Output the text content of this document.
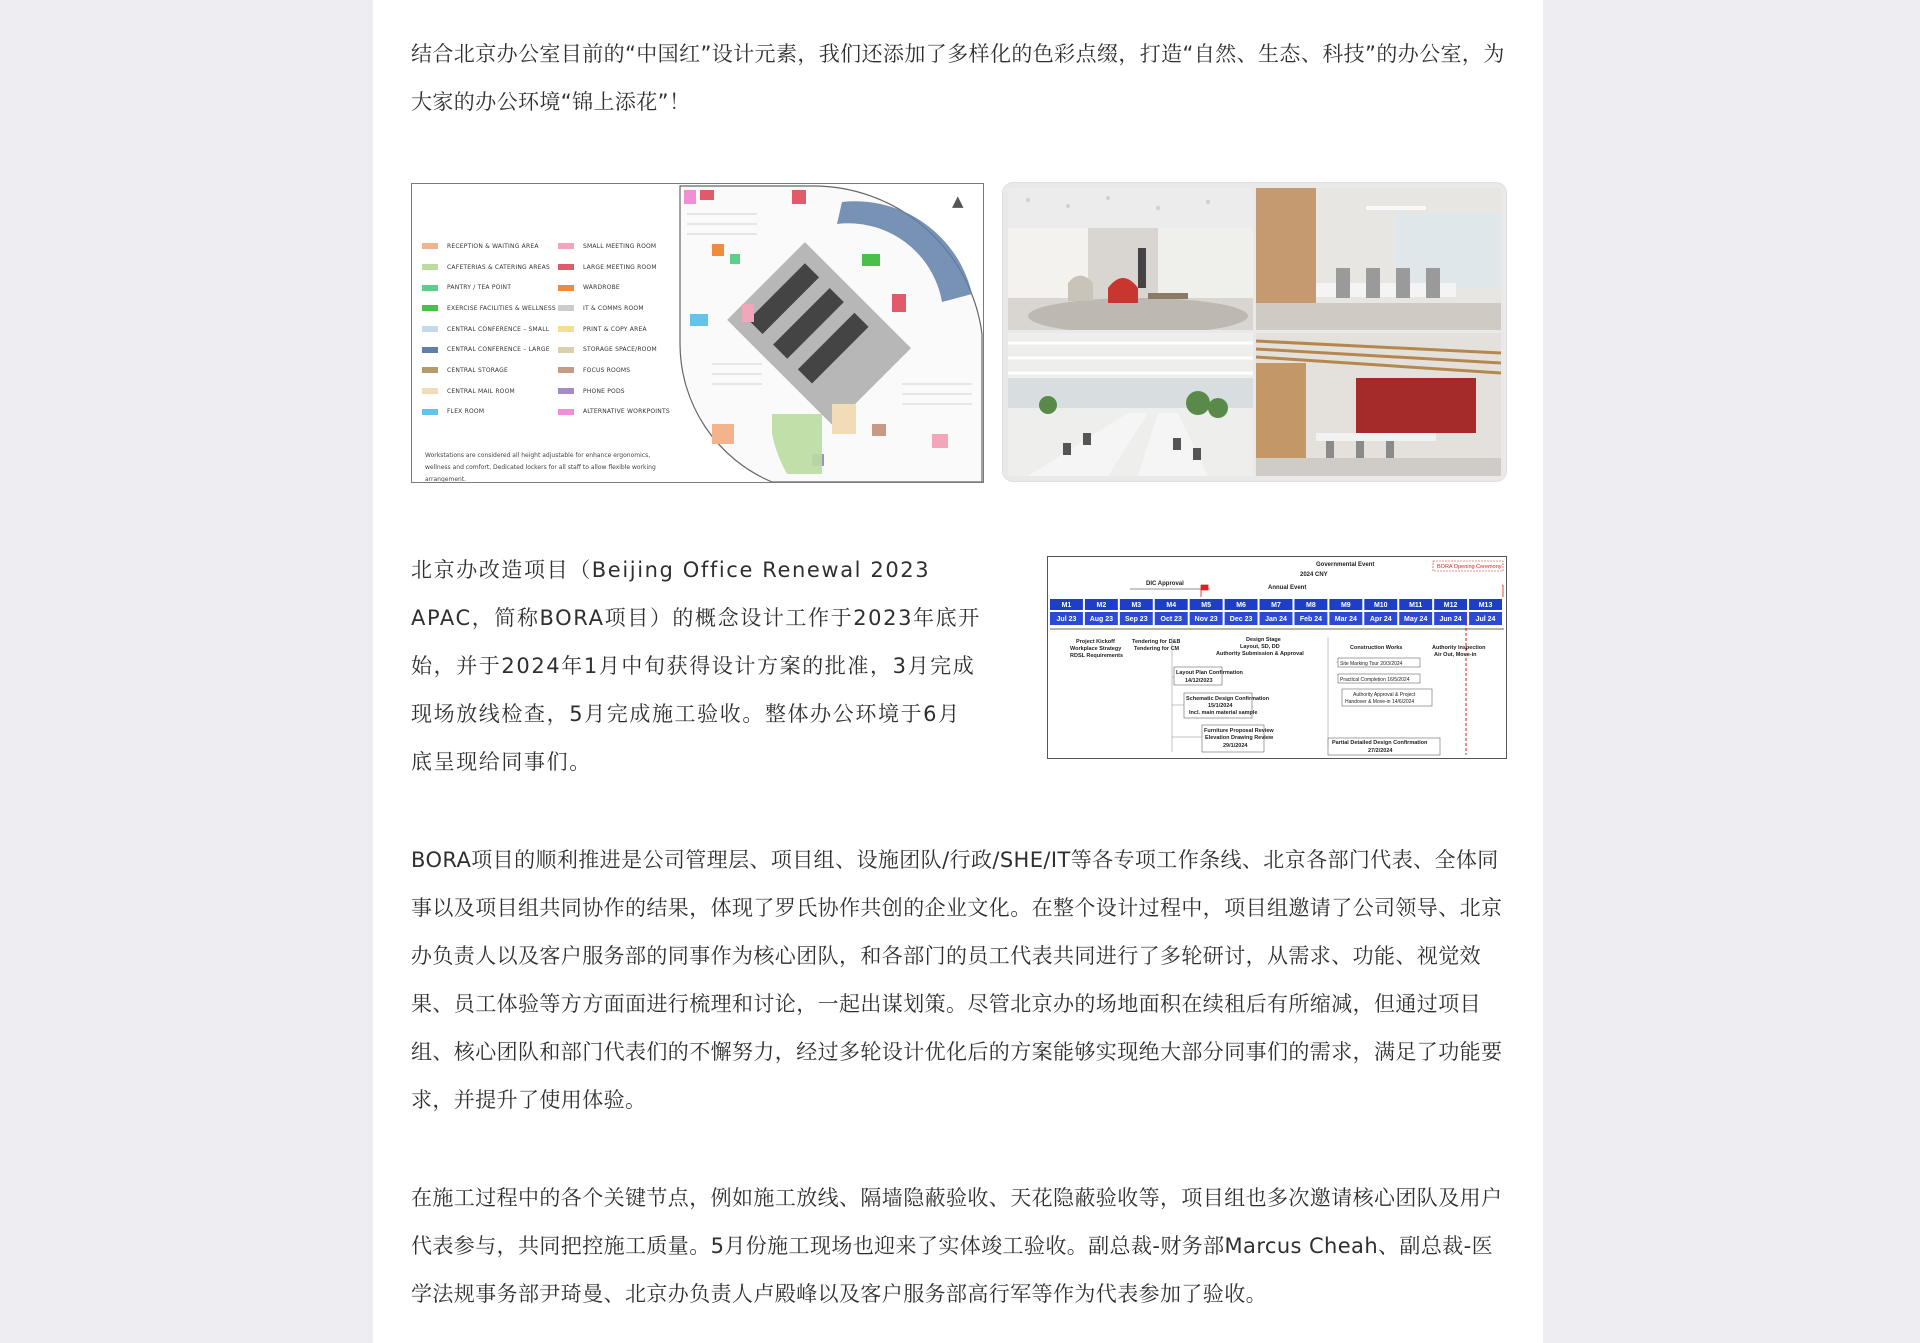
结合北京办公室目前的“中国红”设计元素，我们还添加了多样化的色彩点缀，打造“自然、生态、科技”的办公室，为大家的办公环境“锦上添花”！

▲
RECEPTION & WAITING AREA
CAFETERIAS & CATERING AREAS
PANTRY / TEA POINT
EXERCISE FACILITIES & WELLNESS
CENTRAL CONFERENCE – SMALL
CENTRAL CONFERENCE – LARGE
CENTRAL STORAGE
CENTRAL MAIL ROOM
FLEX ROOM
SMALL MEETING ROOM
LARGE MEETING ROOM
WARDROBE
IT & COMMS ROOM
PRINT & COPY AREA
STORAGE SPACE/ROOM
FOCUS ROOMS
PHONE PODS
ALTERNATIVE WORKPOINTS

Workstations are considered all height adjustable for enhance ergonomics, wellness and comfort. Dedicated lockers for all staff to allow flexible working arrangement.

北京办改造项目（Beijing Office Renewal 2023 APAC，简称BORA项目）的概念设计工作于2023年底开始，并于2024年1月中旬获得设计方案的批准，3月完成现场放线检查，5月完成施工验收。整体办公环境于6月底呈现给同事们。

DIC Approval
Governmental Event
2024 CNY
Annual Event
BORA Opening Ceremony
M1
Jul 23
M2
Aug 23
M3
Sep 23
M4
Oct 23
M5
Nov 23
M6
Dec 23
M7
Jan 24
M8
Feb 24
M9
Mar 24
M10
Apr 24
M11
May 24
M12
Jun 24
M13
Jul 24
Project Kickoff
Workplace Strategy
RDSL Requirements
Tendering for D&B
Tendering for CM
Design Stage
Layout, SD, DD
Authority Submission & Approval
Construction Works	Authority Inspection
Air Out, Move-in
Layout Plan Confirmation
14/12/2023
Schematic Design Confirmation
15/1/2024
Incl. main material sample
Furniture Proposal Review
Elevation Drawing Review
29/1/2024	Partial Detailed Design Confirmation
27/2/2024
Site Marking Tour 20/3/2024
Practical Completion 16/5/2024
Authority Approval & Project
Handover & Move-in 14/6/2024

BORA项目的顺利推进是公司管理层、项目组、设施团队/行政/SHE/IT等各专项工作条线、北京各部门代表、全体同事以及项目组共同协作的结果，体现了罗氏协作共创的企业文化。在整个设计过程中，项目组邀请了公司领导、北京办负责人以及客户服务部的同事作为核心团队，和各部门的员工代表共同进行了多轮研讨，从需求、功能、视觉效果、员工体验等方方面面进行梳理和讨论，一起出谋划策。尽管北京办的场地面积在续租后有所缩减，但通过项目组、核心团队和部门代表们的不懈努力，经过多轮设计优化后的方案能够实现绝大部分同事们的需求，满足了功能要求，并提升了使用体验。

在施工过程中的各个关键节点，例如施工放线、隔墙隐蔽验收、天花隐蔽验收等，项目组也多次邀请核心团队及用户代表参与，共同把控施工质量。5月份施工现场也迎来了实体竣工验收。副总裁-财务部Marcus Cheah、副总裁-医学法规事务部尹琦曼、北京办负责人卢殿峰以及客户服务部高行军等作为代表参加了验收。
